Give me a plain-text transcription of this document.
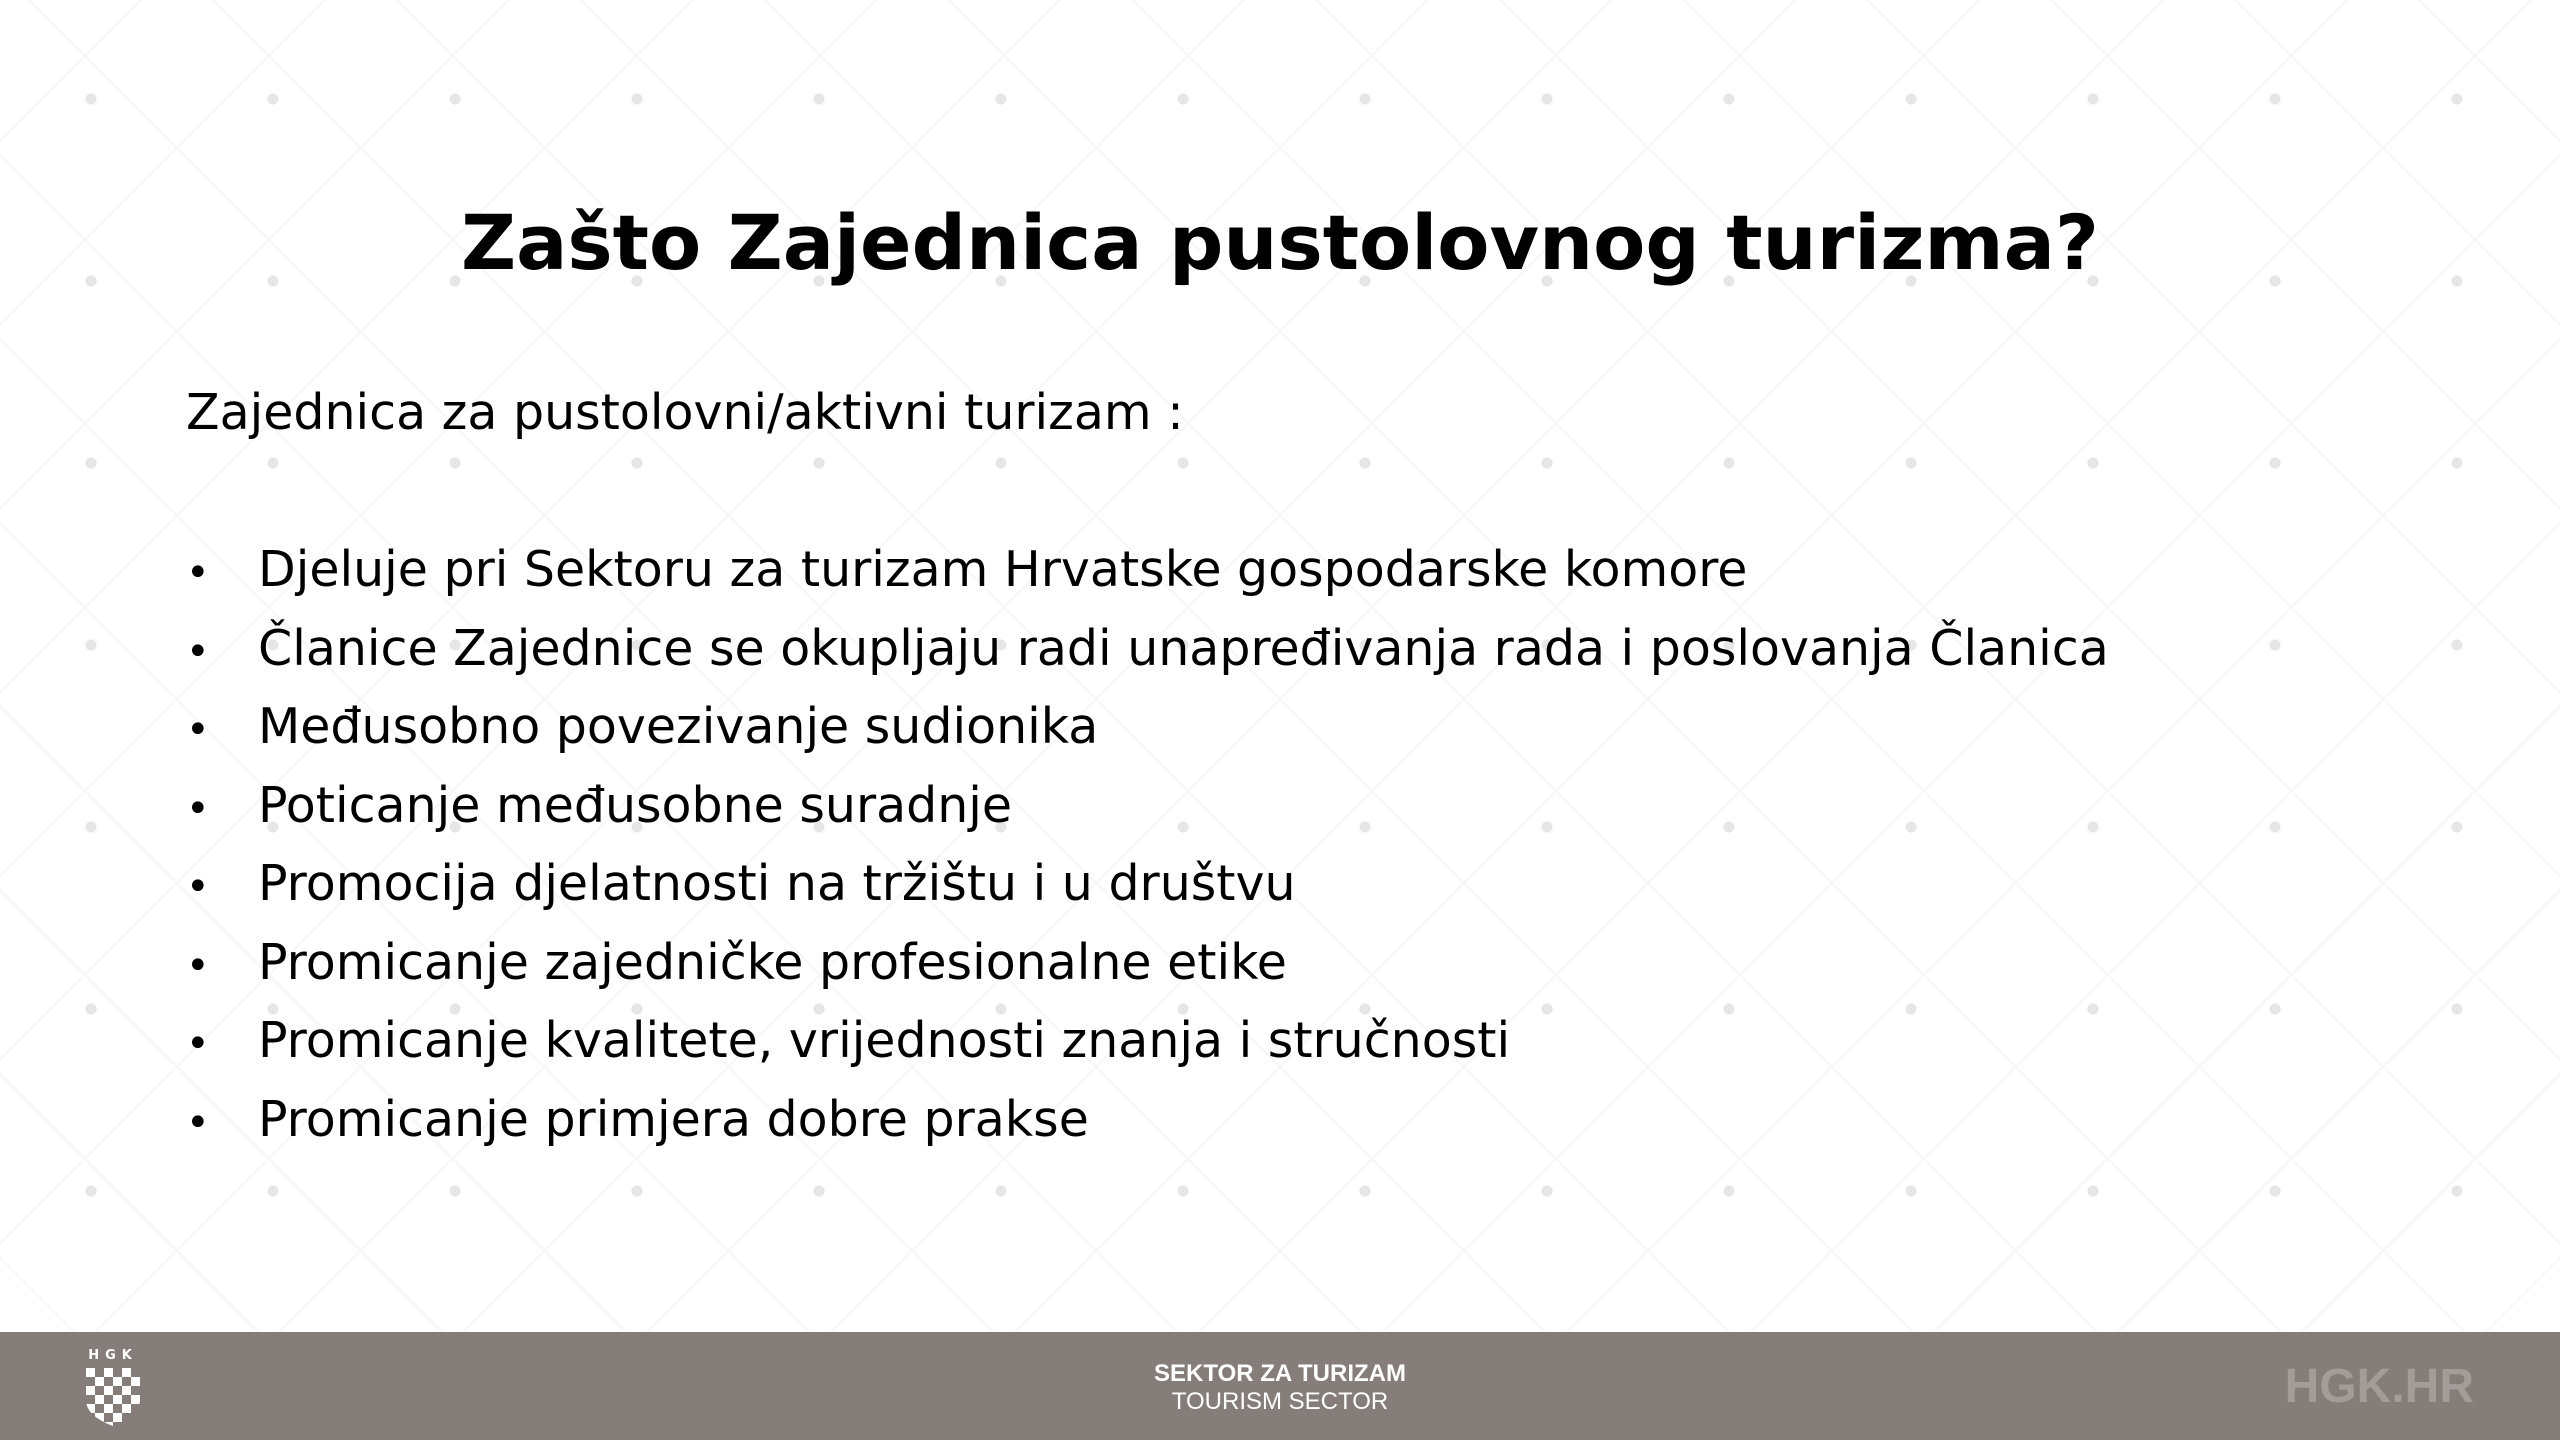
Zašto Zajednica pustolovnog turizma?

Zajednica za pustolovni/aktivni turizam :

• Djeluje pri Sektoru za turizam Hrvatske gospodarske komore
• Članice Zajednice se okupljaju radi unapređivanja rada i poslovanja Članica
• Međusobno povezivanje sudionika
• Poticanje međusobne suradnje
• Promocija djelatnosti na tržištu i u društvu
• Promicanje zajedničke profesionalne etike
• Promicanje kvalitete, vrijednosti znanja i stručnosti
• Promicanje primjera dobre prakse
HGK
SEKTOR ZA TURIZAM
TOURISM SECTOR	HGK.HR
